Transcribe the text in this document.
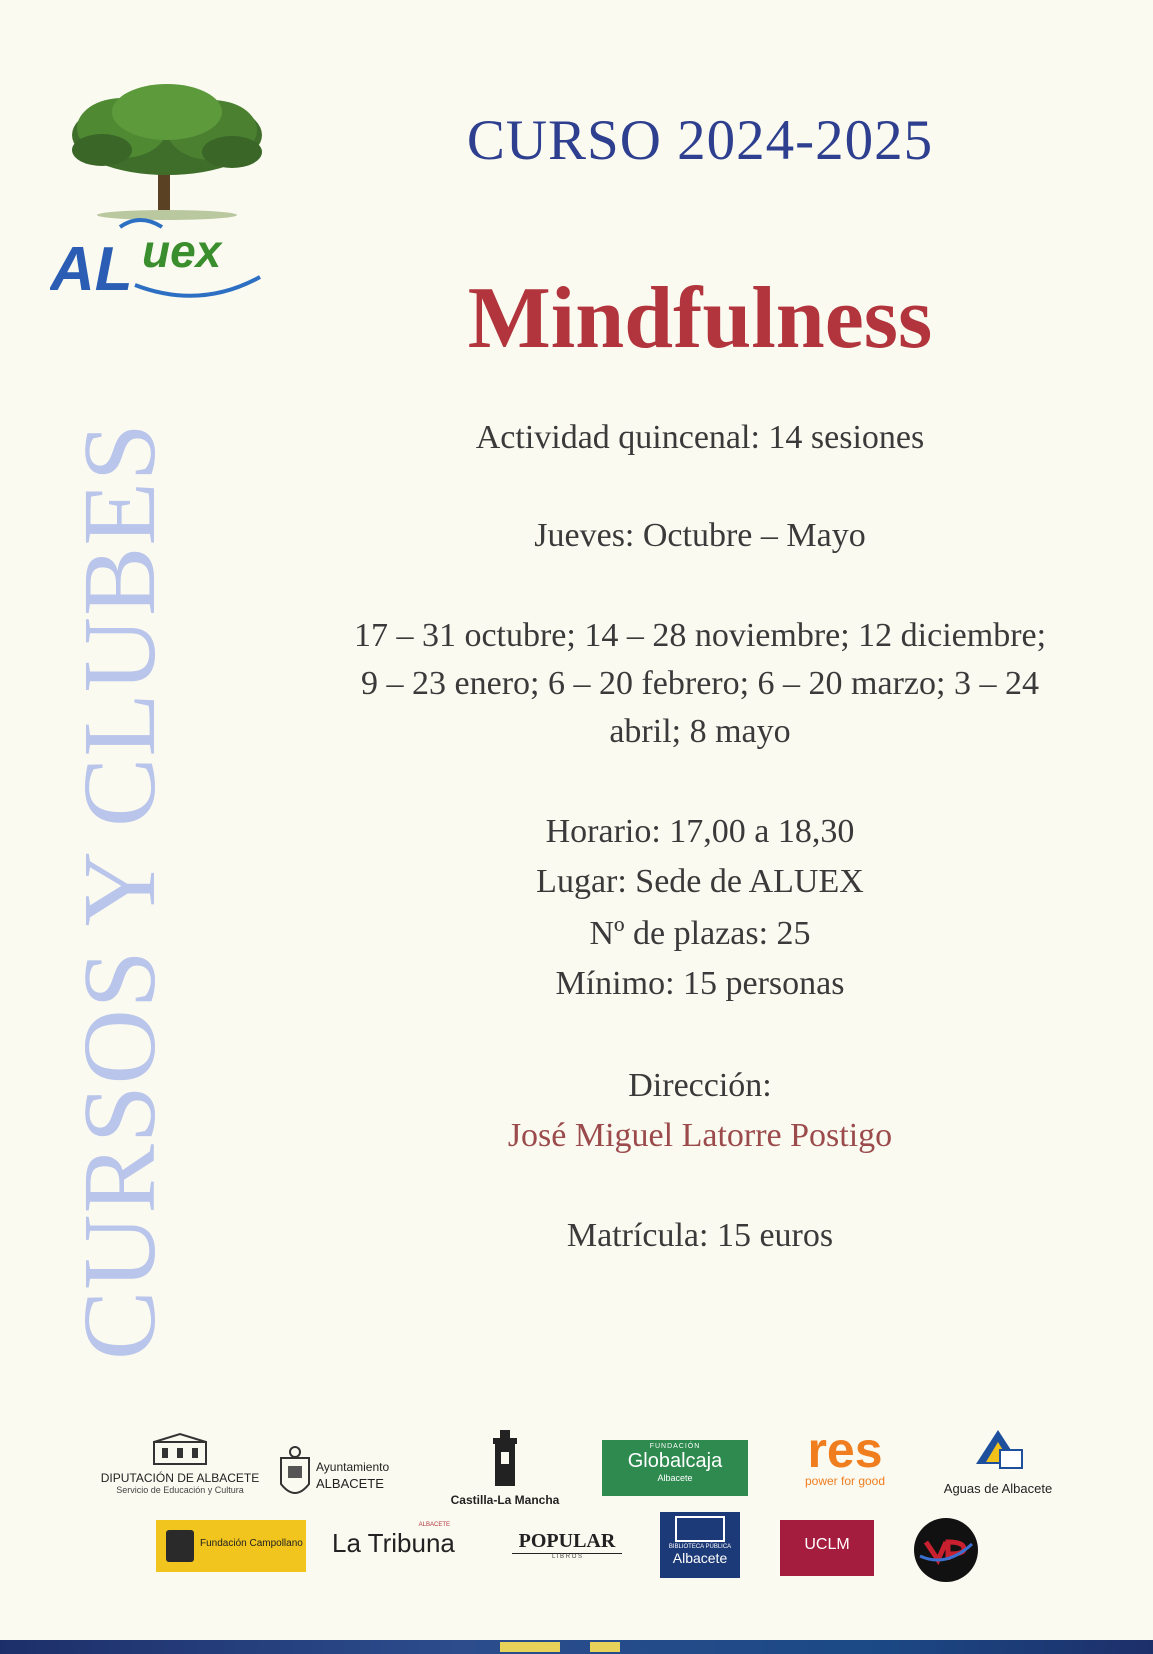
AL uex
CURSOS Y CLUBES
CURSO 2024-2025
Mindfulness
Actividad quincenal: 14 sesiones
Jueves: Octubre – Mayo
17 – 31 octubre; 14 – 28 noviembre; 12 diciembre;
9 – 23 enero; 6 – 20 febrero; 6 – 20 marzo; 3 – 24
abril; 8 mayo
Horario: 17,00 a 18,30
Lugar: Sede de ALUEX
Nº de plazas: 25
Mínimo: 15 personas
Dirección:
José Miguel Latorre Postigo
Matrícula: 15 euros
DIPUTACIÓN DE ALBACETE
Servicio de Educación y Cultura
Ayuntamiento
ALBACETE
Castilla-La Mancha
FUNDACIÓN
Globalcaja
Albacete	res
power for good	Aguas de Albacete
Fundación Campollano
ALBACETE
La Tribuna	POPULAR
L I B R O S
BIBLIOTECA PÚBLICA
Albacete
UCLM
